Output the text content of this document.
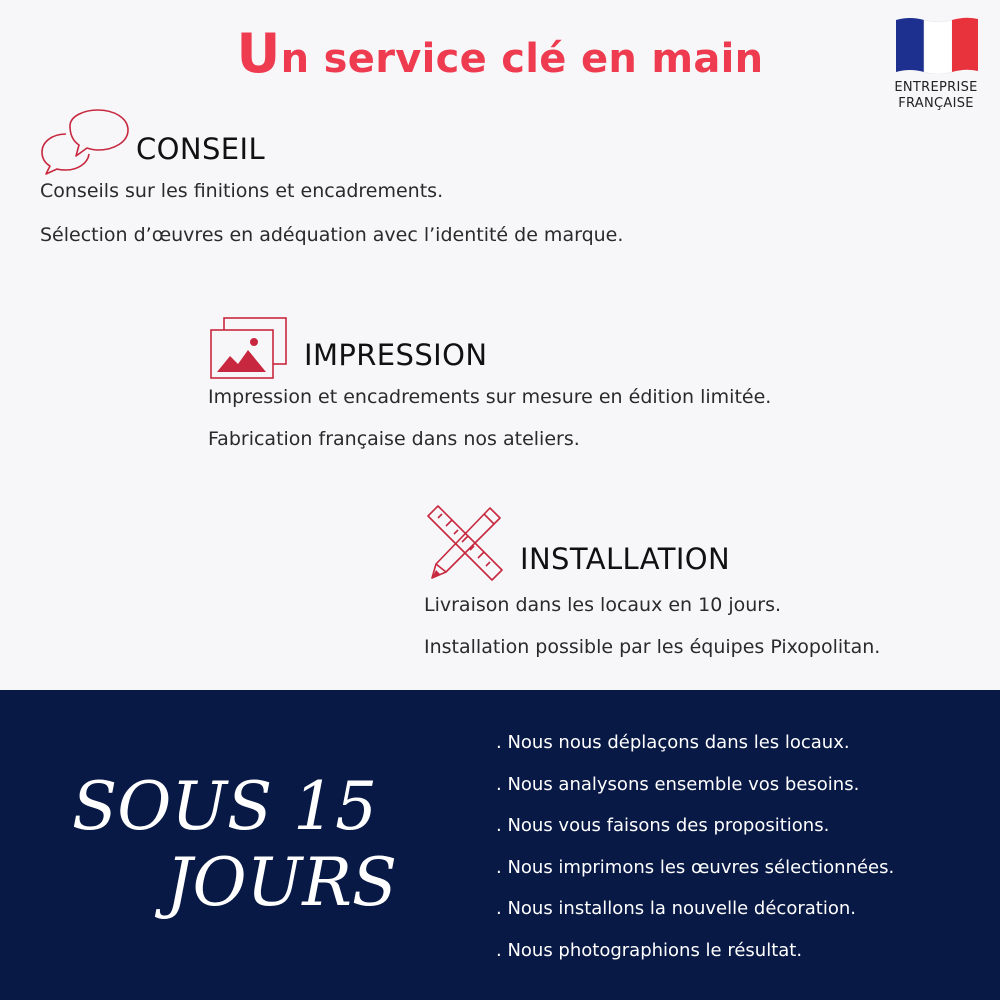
Un service clé en main
ENTREPRISE
FRANÇAISE
CONSEIL
Conseils sur les finitions et encadrements.
Sélection d’œuvres en adéquation avec l’identité de marque.
IMPRESSION
Impression et encadrements sur mesure en édition limitée.
Fabrication française dans nos ateliers.
INSTALLATION
Livraison dans les locaux en 10 jours.
Installation possible par les équipes Pixopolitan.
SOUS 15
JOURS
. Nous nous déplaçons dans les locaux.
. Nous analysons ensemble vos besoins.
. Nous vous faisons des propositions.
. Nous imprimons les œuvres sélectionnées.
. Nous installons la nouvelle décoration.
. Nous photographions le résultat.
